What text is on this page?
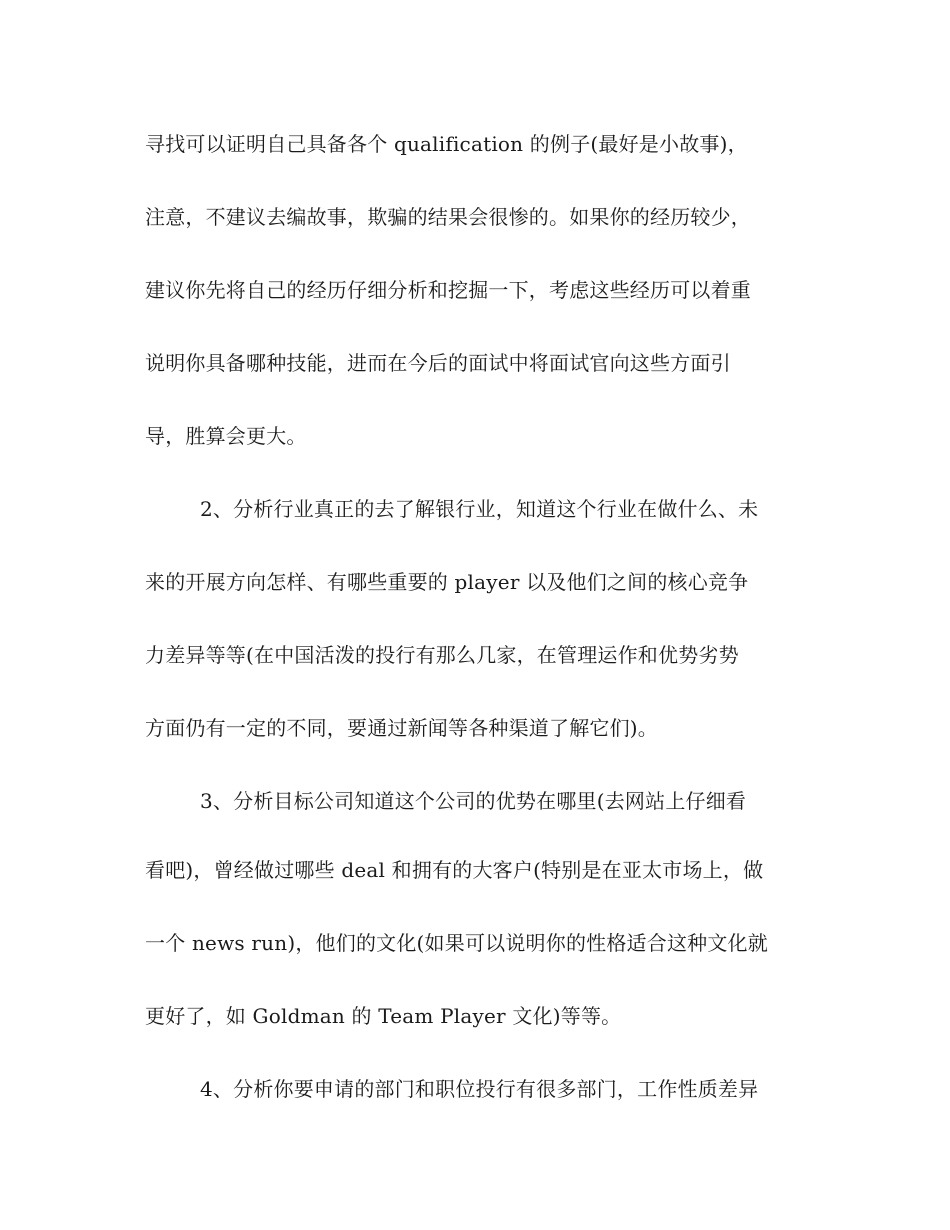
寻找可以证明自己具备各个 qualification 的例子(最好是小故事)，
注意，不建议去编故事，欺骗的结果会很惨的。如果你的经历较少，
建议你先将自己的经历仔细分析和挖掘一下，考虑这些经历可以着重
说明你具备哪种技能，进而在今后的面试中将面试官向这些方面引
导，胜算会更大。
2、分析行业真正的去了解银行业，知道这个行业在做什么、未
来的开展方向怎样、有哪些重要的 player 以及他们之间的核心竞争
力差异等等(在中国活泼的投行有那么几家，在管理运作和优势劣势
方面仍有一定的不同，要通过新闻等各种渠道了解它们)。
3、分析目标公司知道这个公司的优势在哪里(去网站上仔细看
看吧)，曾经做过哪些 deal 和拥有的大客户(特别是在亚太市场上，做
一个 news run)，他们的文化(如果可以说明你的性格适合这种文化就
更好了，如 Goldman 的 Team Player 文化)等等。
4、分析你要申请的部门和职位投行有很多部门，工作性质差异
